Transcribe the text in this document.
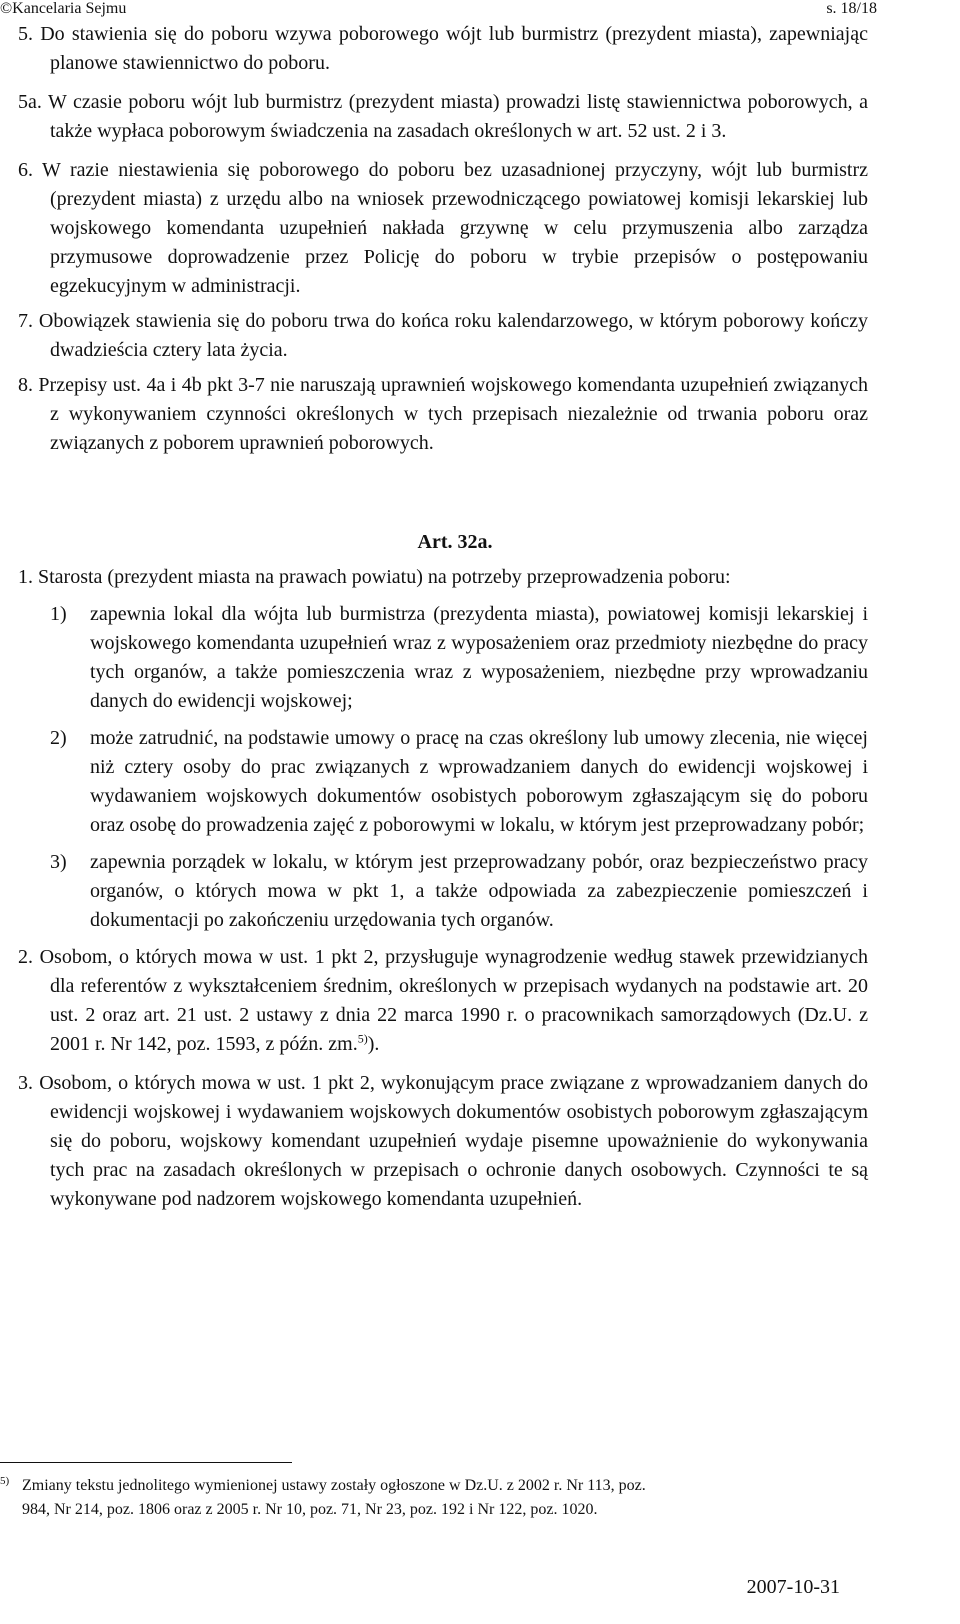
©Kancelaria Sejmu	s. 18/18

5. Do stawienia się do poboru wzywa poborowego wójt lub burmistrz (prezydent miasta), zapewniając planowe stawiennictwo do poboru.

5a. W czasie poboru wójt lub burmistrz (prezydent miasta) prowadzi listę stawiennictwa poborowych, a także wypłaca poborowym świadczenia na zasadach określonych w art. 52 ust. 2 i 3.

6. W razie niestawienia się poborowego do poboru bez uzasadnionej przyczyny, wójt lub burmistrz (prezydent miasta) z urzędu albo na wniosek przewodniczącego powiatowej komisji lekarskiej lub wojskowego komendanta uzupełnień nakłada grzywnę w celu przymuszenia albo zarządza przymusowe doprowadzenie przez Policję do poboru w trybie przepisów o postępowaniu egzekucyjnym w administracji.

7. Obowiązek stawienia się do poboru trwa do końca roku kalendarzowego, w którym poborowy kończy dwadzieścia cztery lata życia.

8. Przepisy ust. 4a i 4b pkt 3-7 nie naruszają uprawnień wojskowego komendanta uzupełnień związanych z wykonywaniem czynności określonych w tych przepisach niezależnie od trwania poboru oraz związanych z poborem uprawnień poborowych.

Art. 32a.

1. Starosta (prezydent miasta na prawach powiatu) na potrzeby przeprowadzenia poboru:

1) zapewnia lokal dla wójta lub burmistrza (prezydenta miasta), powiatowej komisji lekarskiej i wojskowego komendanta uzupełnień wraz z wyposażeniem oraz przedmioty niezbędne do pracy tych organów, a także pomieszczenia wraz z wyposażeniem, niezbędne przy wprowadzaniu danych do ewidencji wojskowej;
2) może zatrudnić, na podstawie umowy o pracę na czas określony lub umowy zlecenia, nie więcej niż cztery osoby do prac związanych z wprowadzaniem danych do ewidencji wojskowej i wydawaniem wojskowych dokumentów osobistych poborowym zgłaszającym się do poboru oraz osobę do prowadzenia zajęć z poborowymi w lokalu, w którym jest przeprowadzany pobór;
3) zapewnia porządek w lokalu, w którym jest przeprowadzany pobór, oraz bezpieczeństwo pracy organów, o których mowa w pkt 1, a także odpowiada za zabezpieczenie pomieszczeń i dokumentacji po zakończeniu urzędowania tych organów.

2. Osobom, o których mowa w ust. 1 pkt 2, przysługuje wynagrodzenie według stawek przewidzianych dla referentów z wykształceniem średnim, określonych w przepisach wydanych na podstawie art. 20 ust. 2 oraz art. 21 ust. 2 ustawy z dnia 22 marca 1990 r. o pracownikach samorządowych (Dz.U. z 2001 r. Nr 142, poz. 1593, z późn. zm.$^{5)}$).

3. Osobom, o których mowa w ust. 1 pkt 2, wykonującym prace związane z wprowadzaniem danych do ewidencji wojskowej i wydawaniem wojskowych dokumentów osobistych poborowym zgłaszającym się do poboru, wojskowy komendant uzupełnień wydaje pisemne upoważnienie do wykonywania tych prac na zasadach określonych w przepisach o ochronie danych osobowych. Czynności te są wykonywane pod nadzorem wojskowego komendanta uzupełnień.

5) Zmiany tekstu jednolitego wymienionej ustawy zostały ogłoszone w Dz.U. z 2002 r. Nr 113, poz.
984, Nr 214, poz. 1806 oraz z 2005 r. Nr 10, poz. 71, Nr 23, poz. 192 i Nr 122, poz. 1020.
2007-10-31
